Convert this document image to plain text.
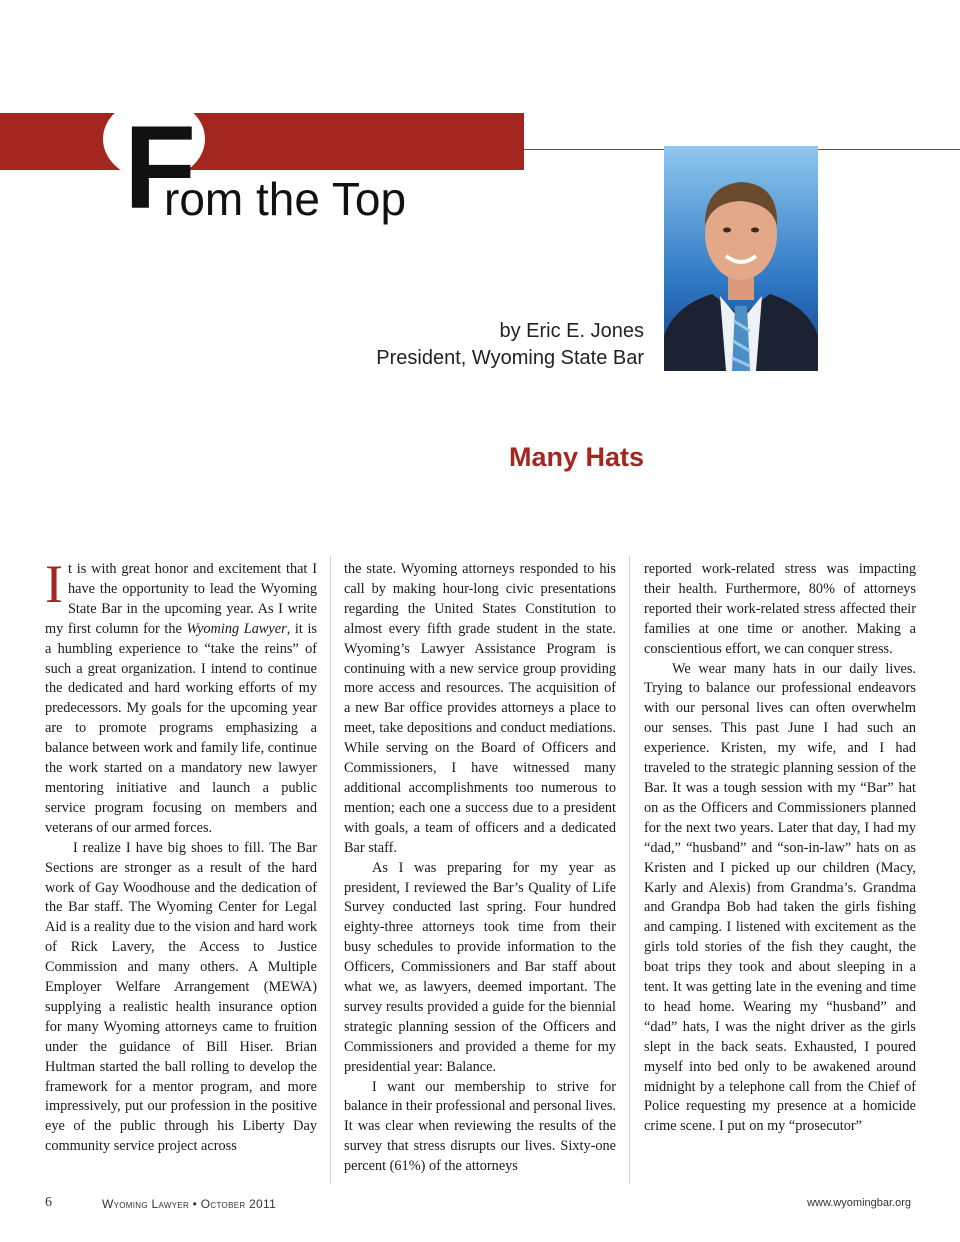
F
rom the Top
by Eric E. Jones
President, Wyoming State Bar
Many Hats

It is with great honor and excitement that I have the opportunity to lead the Wyoming State Bar in the upcoming year. As I write my first column for the Wyoming Lawyer, it is a humbling experience to “take the reins” of such a great organization. I intend to continue the dedicated and hard working efforts of my predecessors. My goals for the upcoming year are to promote programs emphasizing a balance between work and family life, continue the work started on a mandatory new lawyer mentoring initiative and launch a public service program focusing on members and veterans of our armed forces.

I realize I have big shoes to fill. The Bar Sections are stronger as a result of the hard work of Gay Woodhouse and the dedication of the Bar staff. The Wyoming Center for Legal Aid is a reality due to the vision and hard work of Rick Lavery, the Access to Justice Commission and many others. A Multiple Employer Welfare Arrangement (MEWA) supplying a realistic health insurance option for many Wyoming attorneys came to fruition under the guidance of Bill Hiser. Brian Hultman started the ball rolling to develop the framework for a mentor program, and more impressively, put our profession in the positive eye of the public through his Liberty Day community service project across

the state. Wyoming attorneys responded to his call by making hour-long civic presentations regarding the United States Constitution to almost every fifth grade student in the state. Wyoming’s Lawyer Assistance Program is continuing with a new service group providing more access and resources. The acquisition of a new Bar office provides attorneys a place to meet, take depositions and conduct mediations. While serving on the Board of Officers and Commissioners, I have witnessed many additional accomplishments too numerous to mention; each one a success due to a president with goals, a team of officers and a dedicated Bar staff.

As I was preparing for my year as president, I reviewed the Bar’s Quality of Life Survey conducted last spring. Four hundred eighty-three attorneys took time from their busy schedules to provide information to the Officers, Commissioners and Bar staff about what we, as lawyers, deemed important. The survey results provided a guide for the biennial strategic planning session of the Officers and Commissioners and provided a theme for my presidential year: Balance.

I want our membership to strive for balance in their professional and personal lives. It was clear when reviewing the results of the survey that stress disrupts our lives. Sixty-one percent (61%) of the attorneys

reported work-related stress was impacting their health. Furthermore, 80% of attorneys reported their work-related stress affected their families at one time or another. Making a conscientious effort, we can conquer stress.

We wear many hats in our daily lives. Trying to balance our professional endeavors with our personal lives can often overwhelm our senses. This past June I had such an experience. Kristen, my wife, and I had traveled to the strategic planning session of the Bar. It was a tough session with my “Bar” hat on as the Officers and Commissioners planned for the next two years. Later that day, I had my “dad,” “husband” and “son-in-law” hats on as Kristen and I picked up our children (Macy, Karly and Alexis) from Grandma’s. Grandma and Grandpa Bob had taken the girls fishing and camping. I listened with excitement as the girls told stories of the fish they caught, the boat trips they took and about sleeping in a tent. It was getting late in the evening and time to head home. Wearing my “husband” and “dad” hats, I was the night driver as the girls slept in the back seats. Exhausted, I poured myself into bed only to be awakened around midnight by a telephone call from the Chief of Police requesting my presence at a homicide crime scene. I put on my “prosecutor”

6	Wyoming Lawyer • October 2011	www.wyomingbar.org
